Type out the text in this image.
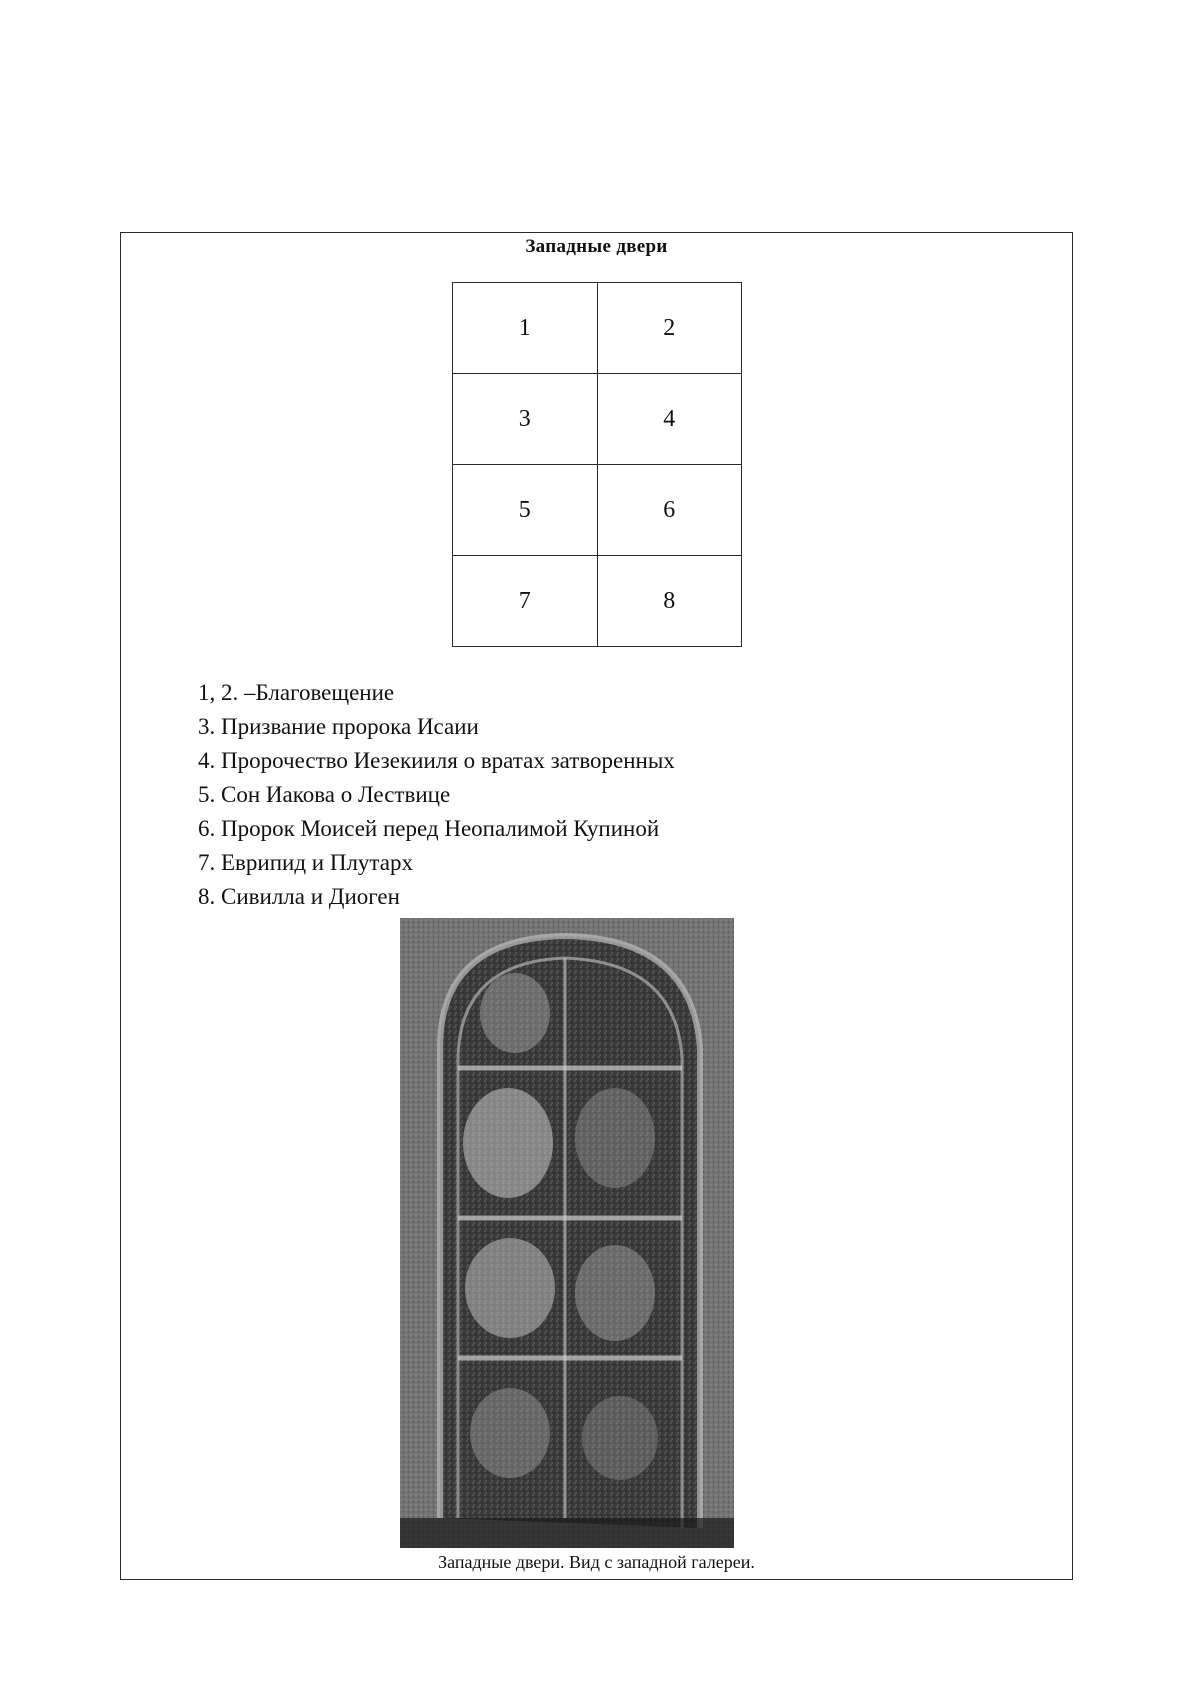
Западные двери
1	2
3	4
5	6
7	8
1, 2. –Благовещение
3. Призвание пророка Исаии
4. Пророчество Иезекииля о вратах затворенных
5. Сон Иакова о Лествице
6. Пророк Моисей перед Неопалимой Купиной
7. Еврипид и Плутарх
8. Сивилла и Диоген
Западные двери. Вид с западной галереи.
